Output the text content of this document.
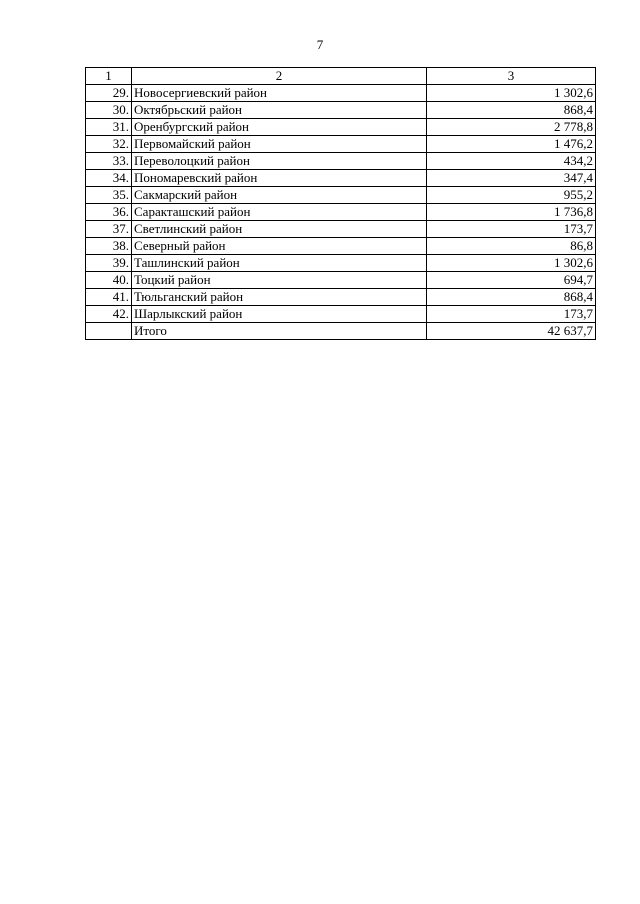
7
1	2	3
29.	Новосергиевский район	1 302,6
30.	Октябрьский район	868,4
31.	Оренбургский район	2 778,8
32.	Первомайский район	1 476,2
33.	Переволоцкий район	434,2
34.	Пономаревский район	347,4
35.	Сакмарский район	955,2
36.	Саракташский район	1 736,8
37.	Светлинский район	173,7
38.	Северный район	86,8
39.	Ташлинский район	1 302,6
40.	Тоцкий район	694,7
41.	Тюльганский район	868,4
42.	Шарлыкский район	173,7
	Итого	42 637,7
